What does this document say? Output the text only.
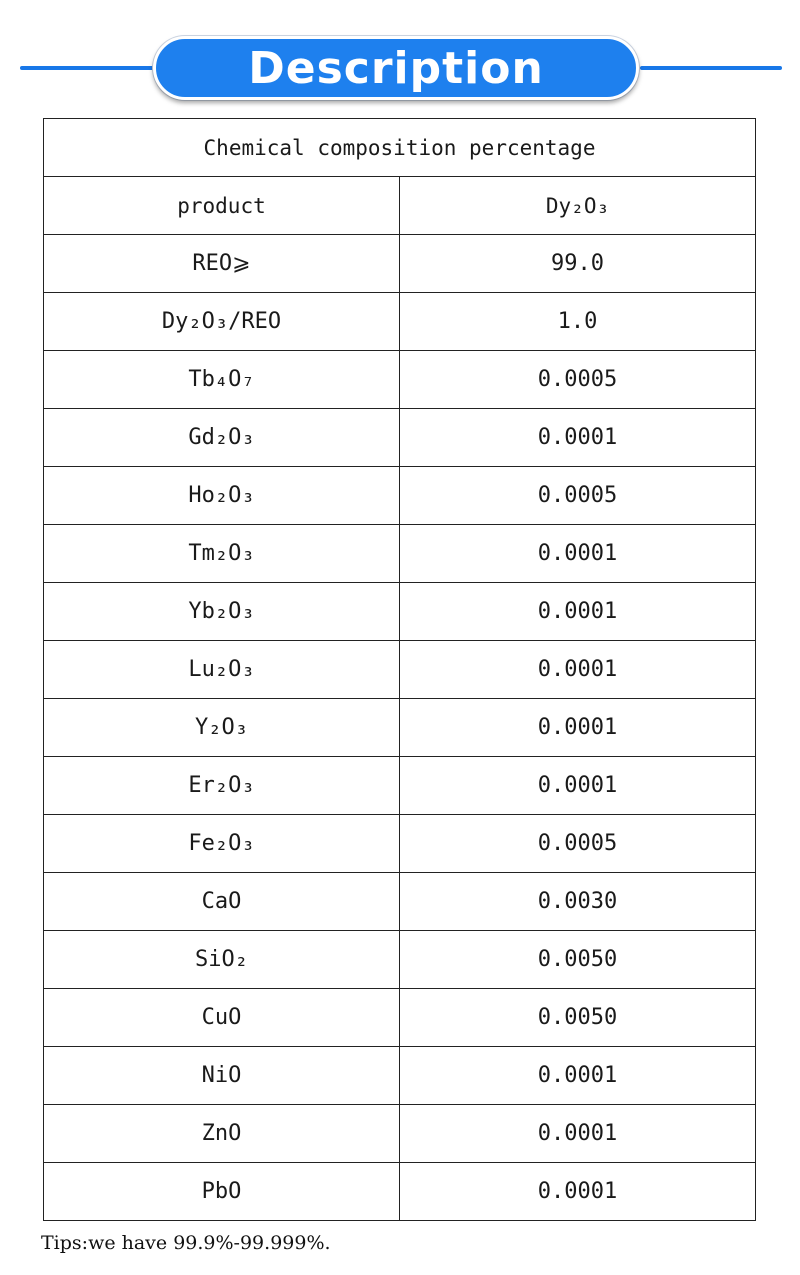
Description
Chemical composition percentage	
product	Dy₂O₃
REO⩾	99.0
Dy₂O₃/REO	1.0
Tb₄O₇	0.0005
Gd₂O₃	0.0001
Ho₂O₃	0.0005
Tm₂O₃	0.0001
Yb₂O₃	0.0001
Lu₂O₃	0.0001
Y₂O₃	0.0001
Er₂O₃	0.0001
Fe₂O₃	0.0005
CaO	0.0030
SiO₂	0.0050
CuO	0.0050
NiO	0.0001
ZnO	0.0001
PbO	0.0001
Tips:we have 99.9%-99.999%.
